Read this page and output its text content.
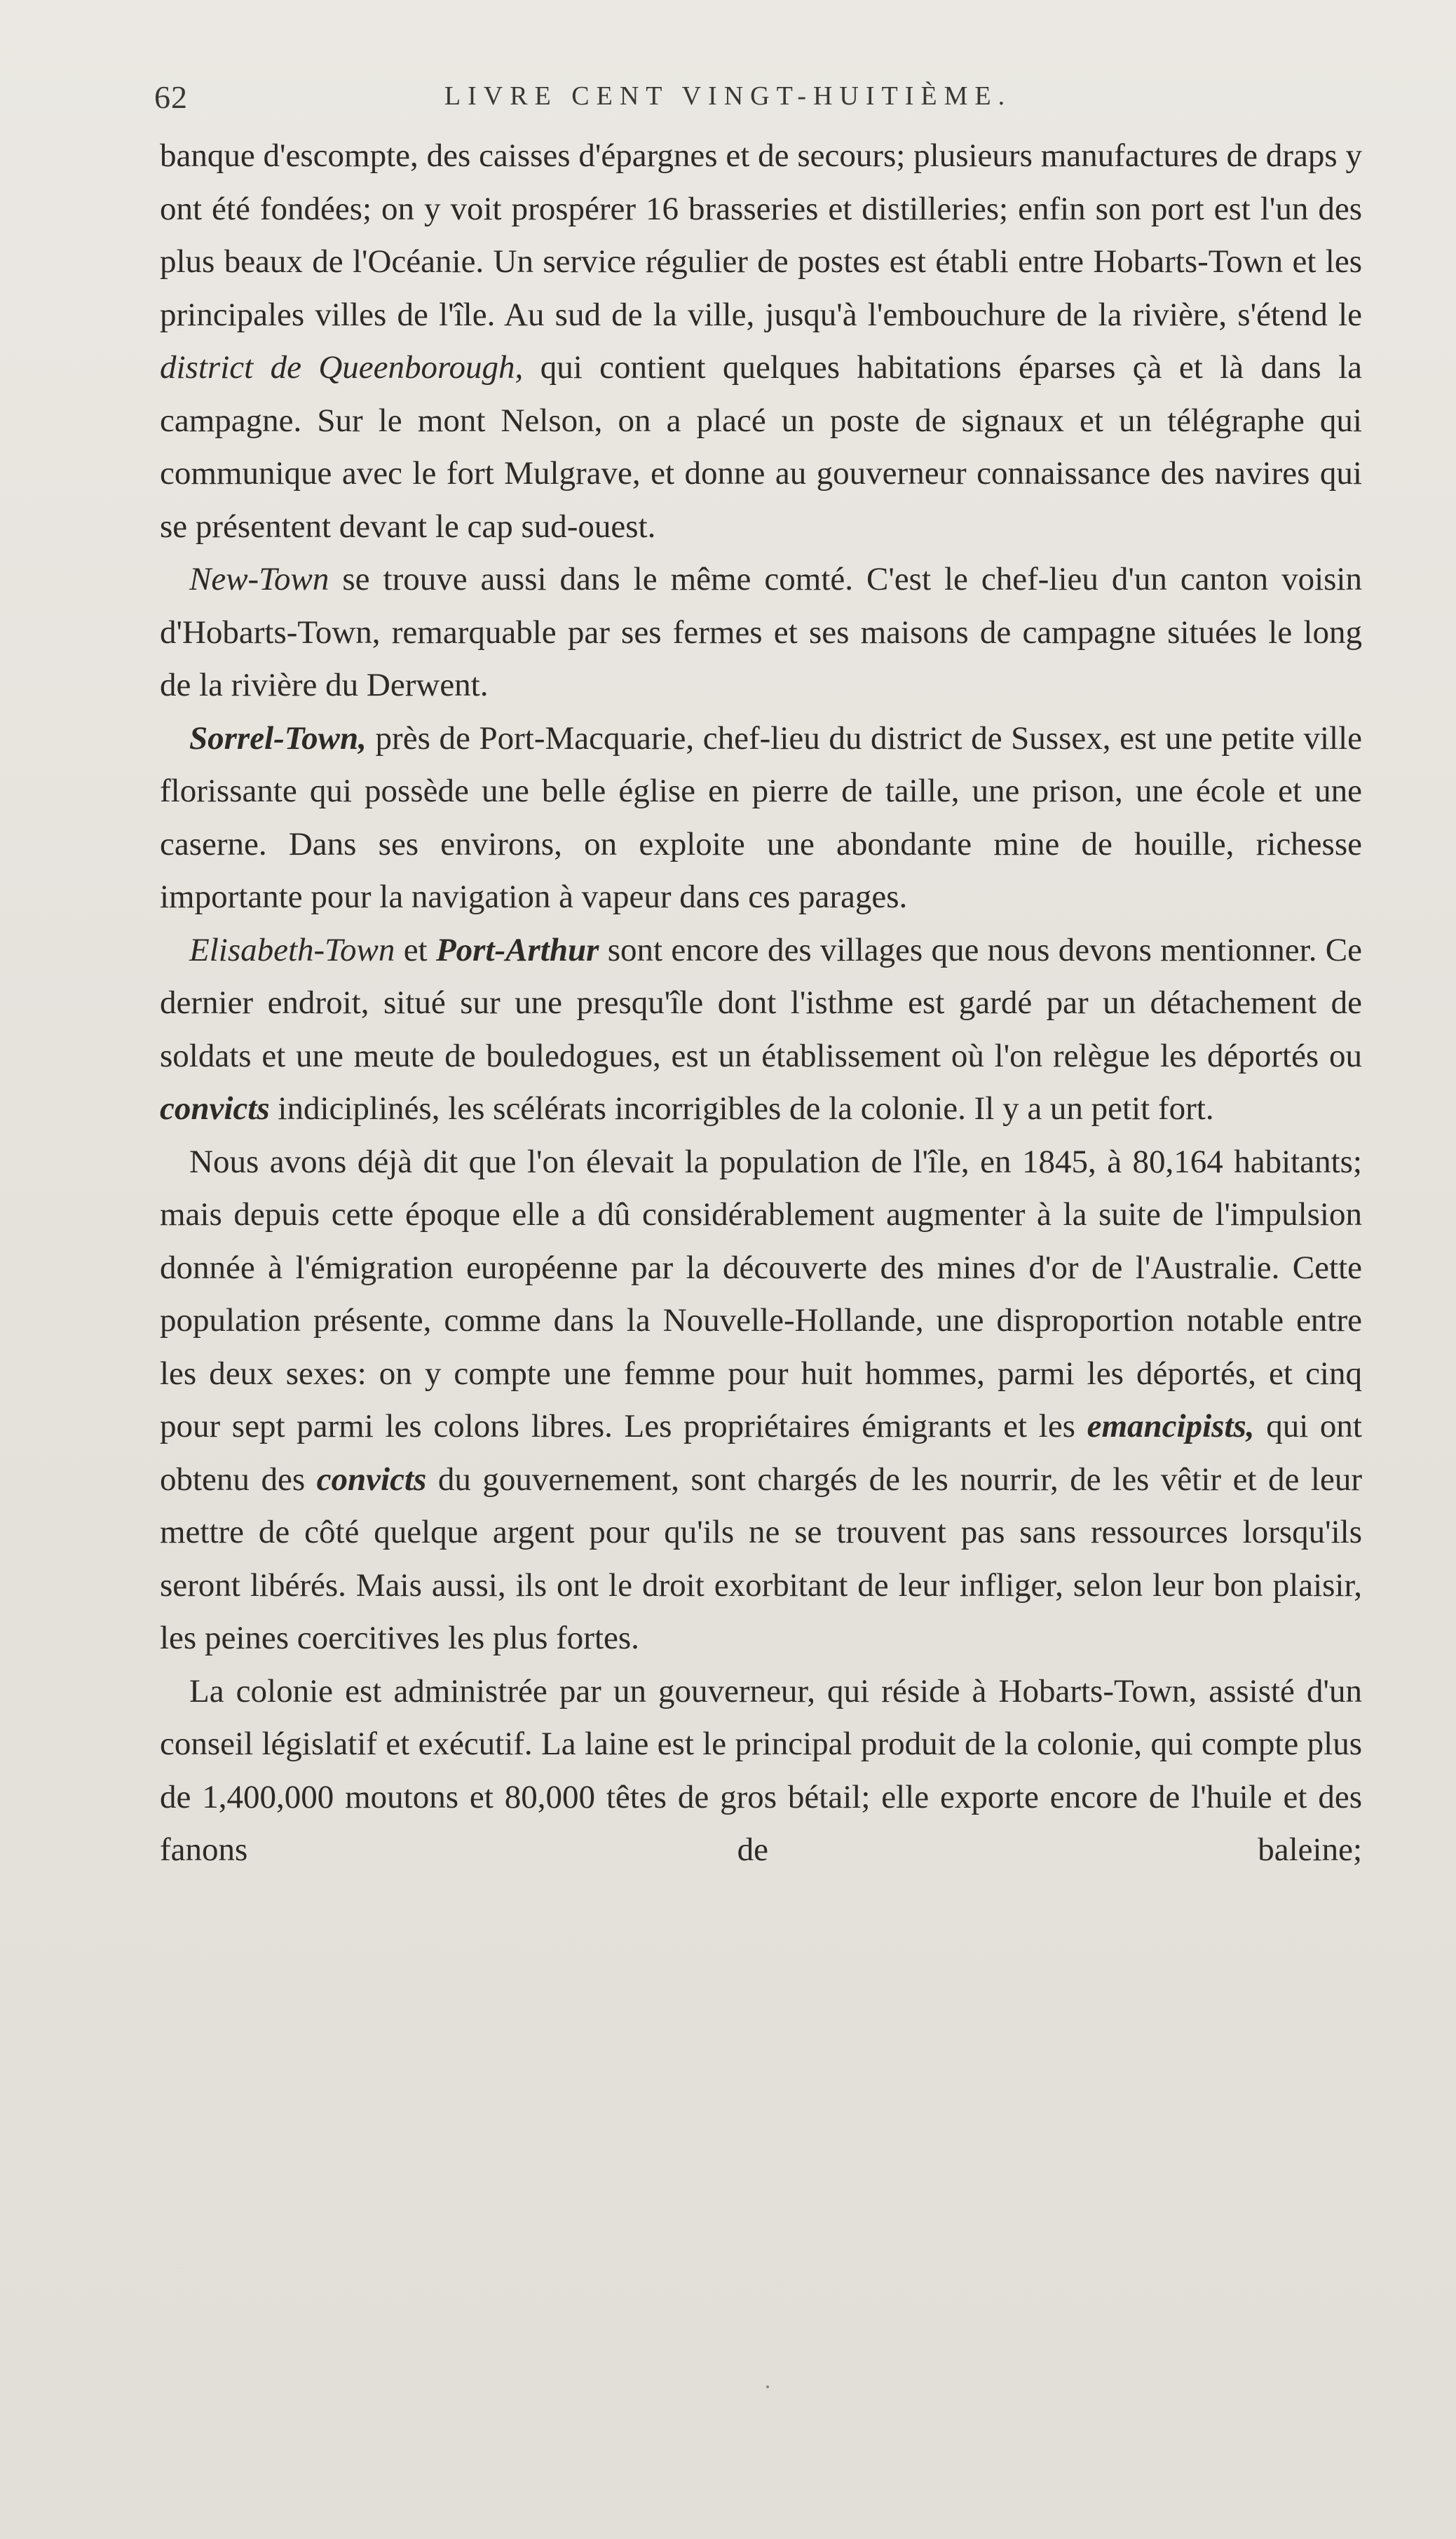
62	LIVRE CENT VINGT-HUITIÈME.

banque d'escompte, des caisses d'épargnes et de secours; plusieurs manufactures de draps y ont été fondées; on y voit prospérer 16 brasseries et distilleries; enfin son port est l'un des plus beaux de l'Océanie. Un service régulier de postes est établi entre Hobarts-Town et les principales villes de l'île. Au sud de la ville, jusqu'à l'embouchure de la rivière, s'étend le district de Queenborough, qui contient quelques habitations éparses çà et là dans la campagne. Sur le mont Nelson, on a placé un poste de signaux et un télégraphe qui communique avec le fort Mulgrave, et donne au gouverneur connaissance des navires qui se présentent devant le cap sud-ouest.

New-Town se trouve aussi dans le même comté. C'est le chef-lieu d'un canton voisin d'Hobarts-Town, remarquable par ses fermes et ses maisons de campagne situées le long de la rivière du Derwent.

Sorrel-Town, près de Port-Macquarie, chef-lieu du district de Sussex, est une petite ville florissante qui possède une belle église en pierre de taille, une prison, une école et une caserne. Dans ses environs, on exploite une abondante mine de houille, richesse importante pour la navigation à vapeur dans ces parages.

Elisabeth-Town et Port-Arthur sont encore des villages que nous devons mentionner. Ce dernier endroit, situé sur une presqu'île dont l'isthme est gardé par un détachement de soldats et une meute de bouledogues, est un établissement où l'on relègue les déportés ou convicts indiciplinés, les scélérats incorrigibles de la colonie. Il y a un petit fort.

Nous avons déjà dit que l'on élevait la population de l'île, en 1845, à 80,164 habitants; mais depuis cette époque elle a dû considérablement augmenter à la suite de l'impulsion donnée à l'émigration européenne par la découverte des mines d'or de l'Australie. Cette population présente, comme dans la Nouvelle-Hollande, une disproportion notable entre les deux sexes: on y compte une femme pour huit hommes, parmi les déportés, et cinq pour sept parmi les colons libres. Les propriétaires émigrants et les emancipists, qui ont obtenu des convicts du gouvernement, sont chargés de les nourrir, de les vêtir et de leur mettre de côté quelque argent pour qu'ils ne se trouvent pas sans ressources lorsqu'ils seront libérés. Mais aussi, ils ont le droit exorbitant de leur infliger, selon leur bon plaisir, les peines coercitives les plus fortes.

La colonie est administrée par un gouverneur, qui réside à Hobarts-Town, assisté d'un conseil législatif et exécutif. La laine est le principal produit de la colonie, qui compte plus de 1,400,000 moutons et 80,000 têtes de gros bétail; elle exporte encore de l'huile et des fanons de baleine;
